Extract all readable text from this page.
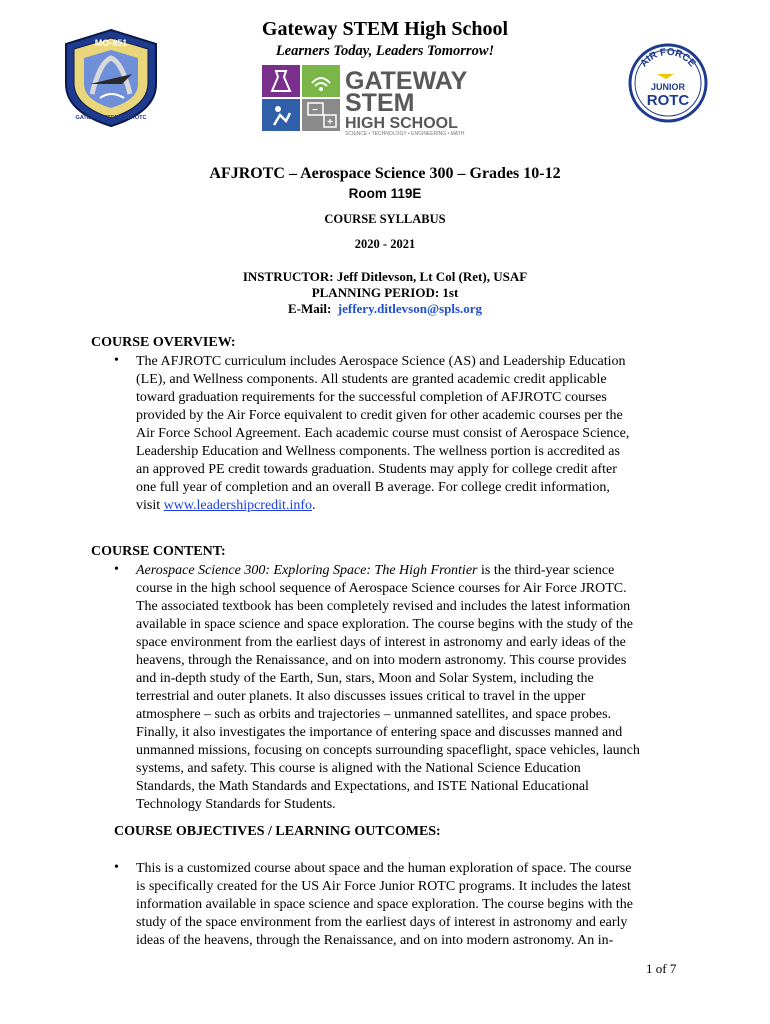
Gateway STEM High School
Learners Today, Leaders Tomorrow!
MO-851
GATEWAY STEM AFJROTC
−
+
GATEWAY
STEM
HIGH SCHOOL
SCIENCE • TECHNOLOGY • ENGINEERING • MATH
AIR FORCE
JUNIOR
ROTC
AFJROTC – Aerospace Science 300 – Grades 10-12
Room 119E
COURSE SYLLABUS
2020 - 2021
INSTRUCTOR: Jeff Ditlevson, Lt Col (Ret), USAF
PLANNING PERIOD: 1st
E-Mail: jeffery.ditlevson@spls.org
COURSE OVERVIEW:
• The AFJROTC curriculum includes Aerospace Science (AS) and Leadership Education
(LE), and Wellness components. All students are granted academic credit applicable
toward graduation requirements for the successful completion of AFJROTC courses
provided by the Air Force equivalent to credit given for other academic courses per the
Air Force School Agreement. Each academic course must consist of Aerospace Science,
Leadership Education and Wellness components. The wellness portion is accredited as
an approved PE credit towards graduation. Students may apply for college credit after
one full year of completion and an overall B average. For college credit information,
visit www.leadershipcredit.info.
COURSE CONTENT:
• Aerospace Science 300: Exploring Space: The High Frontier is the third-year science
course in the high school sequence of Aerospace Science courses for Air Force JROTC.
The associated textbook has been completely revised and includes the latest information
available in space science and space exploration. The course begins with the study of the
space environment from the earliest days of interest in astronomy and early ideas of the
heavens, through the Renaissance, and on into modern astronomy. This course provides
and in-depth study of the Earth, Sun, stars, Moon and Solar System, including the
terrestrial and outer planets. It also discusses issues critical to travel in the upper
atmosphere – such as orbits and trajectories – unmanned satellites, and space probes.
Finally, it also investigates the importance of entering space and discusses manned and
unmanned missions, focusing on concepts surrounding spaceflight, space vehicles, launch
systems, and safety. This course is aligned with the National Science Education
Standards, the Math Standards and Expectations, and ISTE National Educational
Technology Standards for Students.
COURSE OBJECTIVES / LEARNING OUTCOMES:
• This is a customized course about space and the human exploration of space. The course
is specifically created for the US Air Force Junior ROTC programs. It includes the latest
information available in space science and space exploration. The course begins with the
study of the space environment from the earliest days of interest in astronomy and early
ideas of the heavens, through the Renaissance, and on into modern astronomy. An in-
1 of 7
